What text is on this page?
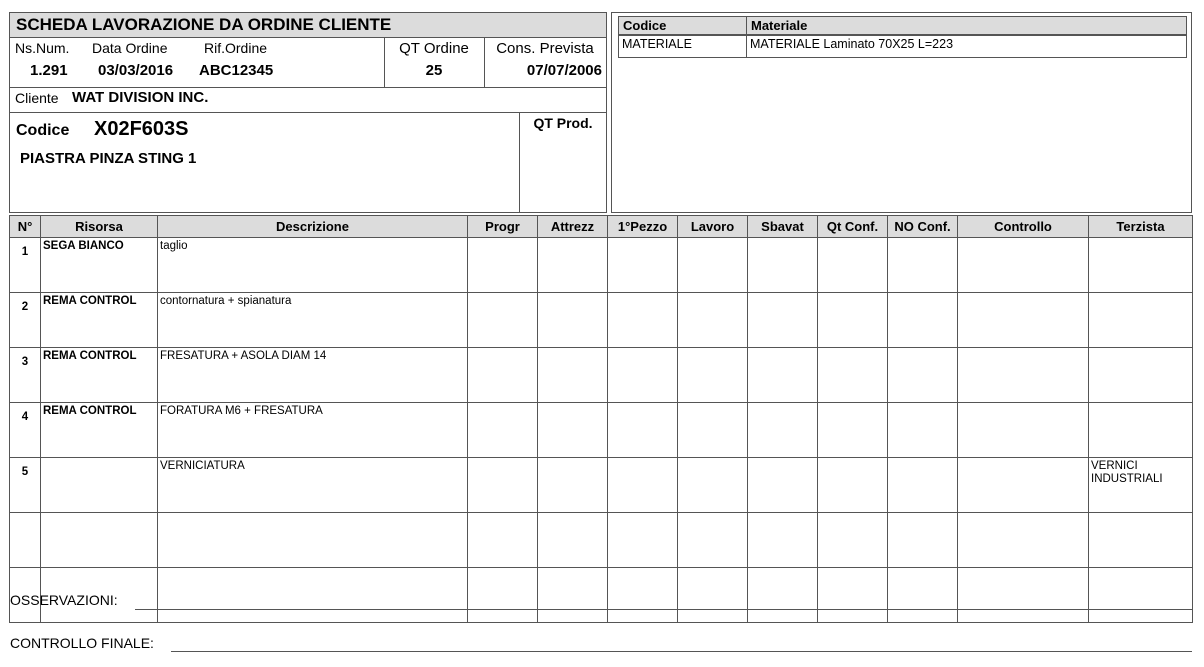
SCHEDA LAVORAZIONE DA ORDINE CLIENTE
Ns.Num.
1.291
Data Ordine
03/03/2016
Rif.Ordine
ABC12345
QT Ordine
25
Cons. Prevista
07/07/2006
Cliente WAT DIVISION INC.
Codice X02F603S
PIASTRA PINZA STING 1
QT Prod.
Codice	Materiale
MATERIALE	MATERIALE Laminato 70X25 L=223
N°	Risorsa	Descrizione	Progr	Attrezz	1°Pezzo	Lavoro	Sbavat	Qt Conf.	NO Conf.	Controllo	Terzista
1	SEGA BIANCO	taglio									
2	REMA CONTROL	contornatura + spianatura									
3	REMA CONTROL	FRESATURA + ASOLA DIAM 14									
4	REMA CONTROL	FORATURA M6 + FRESATURA									
5		VERNICIATURA									VERNICI INDUSTRIALI

OSSERVAZIONI:
CONTROLLO FINALE:
